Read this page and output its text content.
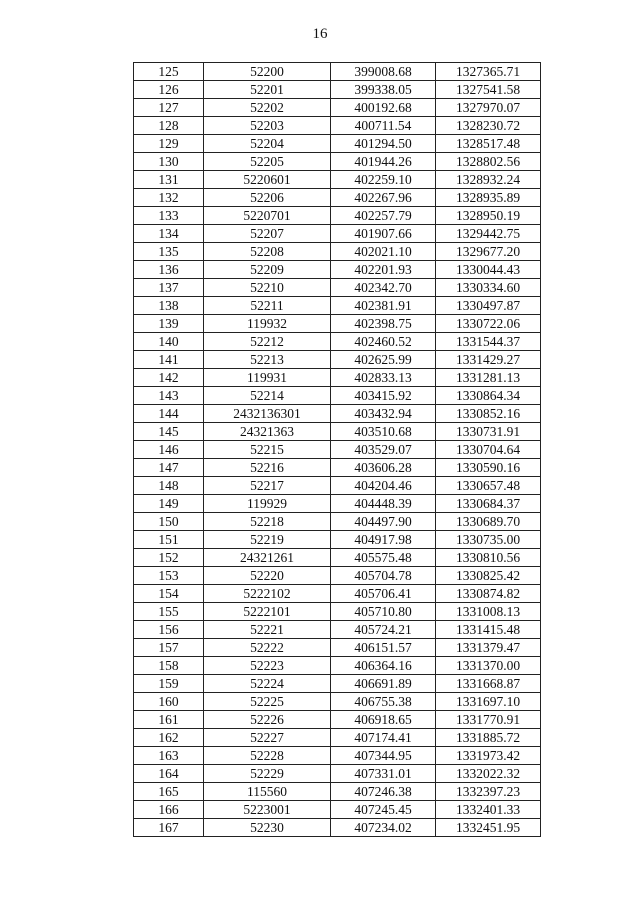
16
125	52200	399008.68	1327365.71
126	52201	399338.05	1327541.58
127	52202	400192.68	1327970.07
128	52203	400711.54	1328230.72
129	52204	401294.50	1328517.48
130	52205	401944.26	1328802.56
131	5220601	402259.10	1328932.24
132	52206	402267.96	1328935.89
133	5220701	402257.79	1328950.19
134	52207	401907.66	1329442.75
135	52208	402021.10	1329677.20
136	52209	402201.93	1330044.43
137	52210	402342.70	1330334.60
138	52211	402381.91	1330497.87
139	119932	402398.75	1330722.06
140	52212	402460.52	1331544.37
141	52213	402625.99	1331429.27
142	119931	402833.13	1331281.13
143	52214	403415.92	1330864.34
144	2432136301	403432.94	1330852.16
145	24321363	403510.68	1330731.91
146	52215	403529.07	1330704.64
147	52216	403606.28	1330590.16
148	52217	404204.46	1330657.48
149	119929	404448.39	1330684.37
150	52218	404497.90	1330689.70
151	52219	404917.98	1330735.00
152	24321261	405575.48	1330810.56
153	52220	405704.78	1330825.42
154	5222102	405706.41	1330874.82
155	5222101	405710.80	1331008.13
156	52221	405724.21	1331415.48
157	52222	406151.57	1331379.47
158	52223	406364.16	1331370.00
159	52224	406691.89	1331668.87
160	52225	406755.38	1331697.10
161	52226	406918.65	1331770.91
162	52227	407174.41	1331885.72
163	52228	407344.95	1331973.42
164	52229	407331.01	1332022.32
165	115560	407246.38	1332397.23
166	5223001	407245.45	1332401.33
167	52230	407234.02	1332451.95
